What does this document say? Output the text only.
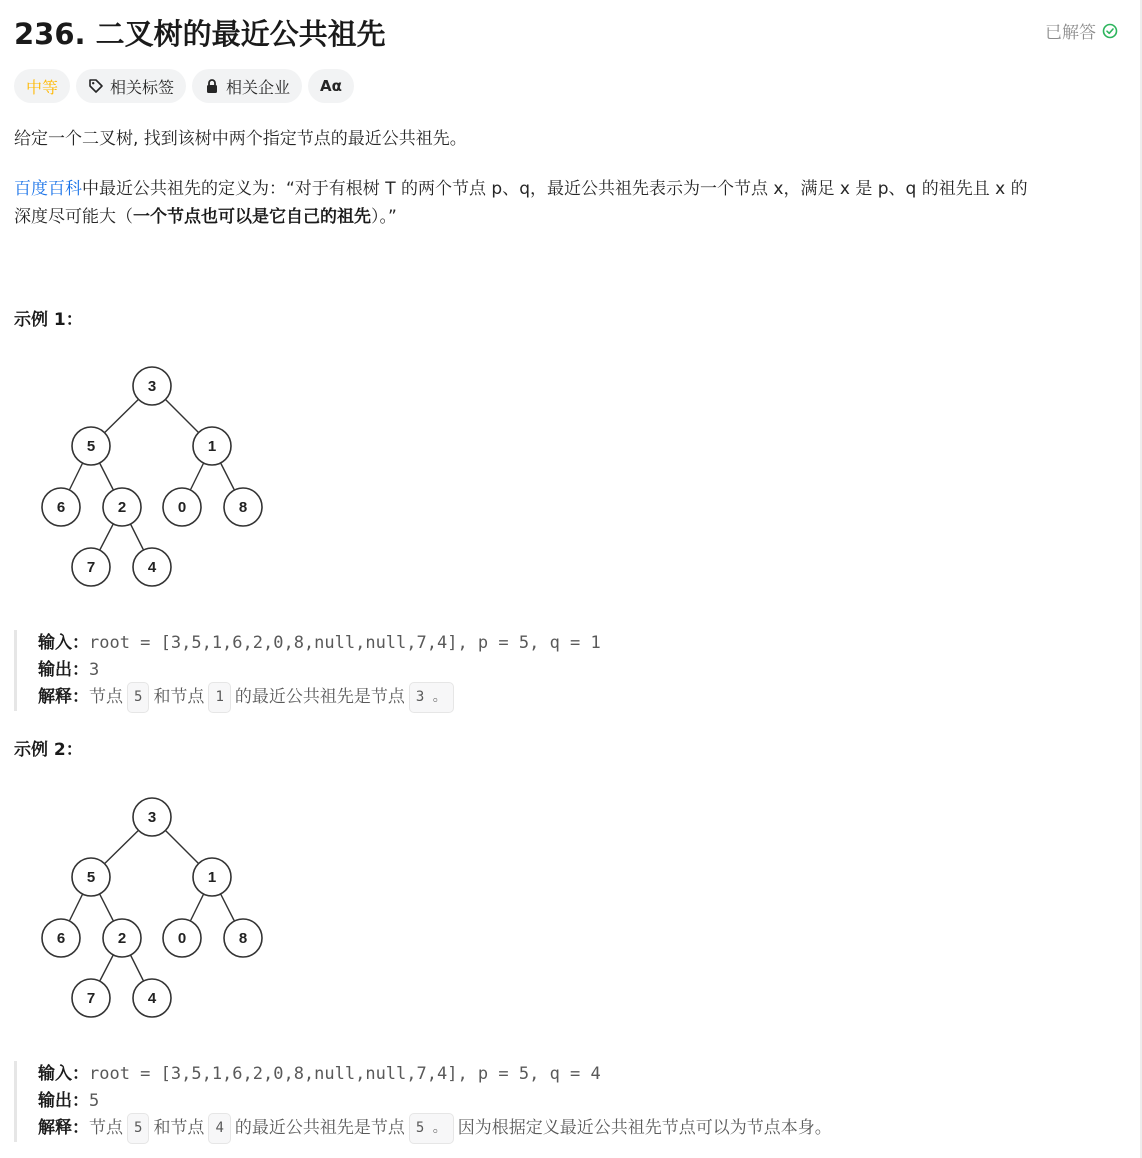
236. 二叉树的最近公共祖先	已解答
中等	相关标签	相关企业 Aα
给定一个二叉树, 找到该树中两个指定节点的最近公共祖先。
百度百科中最近公共祖先的定义为：“对于有根树 T 的两个节点 p、q，最近公共祖先表示为一个节点 x，满足 x 是 p、q 的祖先且 x 的
深度尽可能大（一个节点也可以是它自己的祖先）。”
示例 1：
3
5	1
6	2	0	8
7	4
输入： root = [3,5,1,6,2,0,8,null,null,7,4], p = 5, q = 1
输出： 3
解释： 节点 5 和节点 1 的最近公共祖先是节点 3 。
示例 2：
3
5	1
6	2	0	8
7	4
输入： root = [3,5,1,6,2,0,8,null,null,7,4], p = 5, q = 4
输出： 5
解释： 节点 5 和节点 4 的最近公共祖先是节点 5 。 因为根据定义最近公共祖先节点可以为节点本身。
